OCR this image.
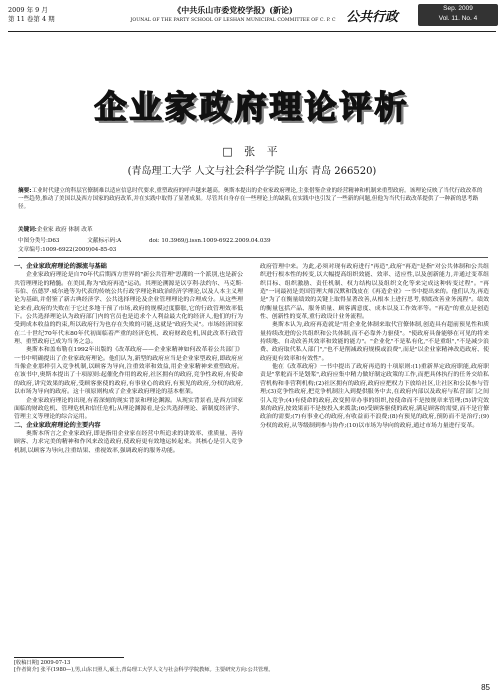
2009 年 9 月
第 11 卷第 4 期
《中共乐山市委党校学报》(新论)
JOUNAL OF THE PARTY SCHOOL OF LESHAN MUNICIPAL COMMITTEE OF C. P. C 公共行政
Sep. 2009
Vol. 11. No. 4
企业家政府理论评析
□ 张 平
(青岛理工大学 人文与社会科学学院 山东 青岛 266520)
摘要:工业时代建立的科层官僚制难以适应信息时代要求,重塑政府的呼声越来越高。奥斯本提出的企业家政府理论,主张借鉴企业的经营精神和机制来重塑政府。该理论反映了当代行政改革的一些趋势,推动了美国以及西方国家的政府改革,并在实践中取得了显著成果。尽管其自身存在一些理论上的缺陷,在实践中也引发了一些新的问题,但他为当代行政改革提供了一种新的思考路径。
关键词:企业家 政府 体制 改革
中图分类号:D63	文献标示码:A	doi: 10.3969/j.issn.1009-6922.2009.04.039
文章编号:1009-6922(2009)04-85-03
一、企业家政府理论的源流与基础

企业家政府理论是自70年代后期西方世界的"新公共管理"思潮的一个派别,也是新公共管理理论的精髓。在美国,称为"政府再造"运动。其理论溯源是以亨利·法约尔、马克斯·韦伯、伍德罗·威尔逊等为代表的传统公共行政学理论和政治经济学理论,以及人本主义理论为基础,并借鉴了新古典经济学、公共选择理论及企业管理理论的合理成分。从这些理论来看,政府的失败在于它过多地干预了市场,政府的规模过度膨胀,它的行政管理效率低下。公共选择理论认为政府部门内的官员也是追求个人利益最大化的经济人,他们的行为受到成本收益的约束,所以政府行为也存在失败的可能,这就是"政府失灵"。市场经济国家在二十世纪70年代末80年代初面临着严重的经济危机、政府财政危机,因此改革行政管理、重塑政府已成为当务之急。

奥斯本和盖布勒在1992年出版的《改革政府——企业家精神如何改革着公共部门》一书中明确提出了企业家政府理论。他们认为,新型的政府应当是企业家型政府,即政府应当像企业那样引入竞争机制,以顾客为导向,注重效率和效益,用企业家精神来重塑政府。在该书中,奥斯本提出了十项原则:起催化作用的政府,社区拥有的政府,竞争性政府,有使命的政府,讲究效果的政府,受顾客驱使的政府,有事业心的政府,有预见的政府,分权的政府,以市场为导向的政府。这十项原则构成了企业家政府理论的基本框架。

企业家政府理论的出现,有着深刻的现实背景和理论渊源。从现实背景看,是西方国家面临的财政危机、管理危机和信任危机;从理论渊源看,是公共选择理论、新制度经济学、管理主义等理论的综合运用。

二、企业家政府理论的主要内容

奥斯本所言之企业家政府,即是指用企业家在经营中所追求的讲效率、重质量、善待顾客、力求完美的精神和作风来改造政府,使政府更有效地运转起来。其核心是引入竞争机制,以顾客为导向,注重结果、重视效率,强调政府的服务功能。

政府管理中来。为此,必须对现有政府进行"再造",政府"再造"是指"对公共体制和公共组织进行根本性的转变,以大幅提高组织效能、效率、适应性,以及创新能力,并通过变革组织目标、组织激励、责任机制、权力结构以及组织文化等来完成这种转变过程"。"再造"一词最初是美国管理大师汉默和钱皮在《再造企业》一书中提出来的。他们认为,再造是"为了在衡量绩效的关键上取得显著改善,从根本上进行思考,彻底改善业务流程"。绩效的衡量包括产品、服务质量、顾客满意度、成本以及工作效率等。"再造"的重点是创造性、创新性的变革,重行政设计业务流程。

奥斯本认为,政府再造就是"用企业化体制来取代官僚体制,创造具有超前预见性和质量持续改进的公共组织和公共体制,而不必靠外力驱使"。"使政府具备能够在可见的将来持续地、自动改善其效率和效能的能力"。"企业化"不是私有化,"不是重组","不是减少浪费、政府取代私人部门","也不是削减政府规模或浪费",而是"以企业家精神改造政府、使政府更有效率和有效性"。

他在《改革政府》一书中提出了政府再造的十项原则:(1)重新界定政府职能,政府职责是"掌舵而不是划桨",政府应集中精力做好制定政策的工作,而把具体执行的任务交给私营机构和非营利机构;(2)社区拥有的政府,政府应把权力下放给社区,让社区和公民参与管理;(3)竞争性政府,把竞争机制注入到提供服务中去,在政府内部以及政府与私营部门之间引入竞争;(4)有使命的政府,改变照章办事的组织,按使命而不是按规章来管理;(5)讲究效果的政府,按效果而不是按投入来拨款;(6)受顾客驱使的政府,满足顾客的需要,而不是官僚政治的需要;(7)有事业心的政府,有收益而不浪费;(8)有预见的政府,预防而不是治疗;(9)分权的政府,从等级制到参与协作;(10)以市场为导向的政府,通过市场力量进行变革。

[收稿日期] 2009-07-13
[作者简介] 张平(1980—),男,山东日照人,硕士,青岛理工大学人文与社会科学学院教师。主要研究方向:公共管理。
85
